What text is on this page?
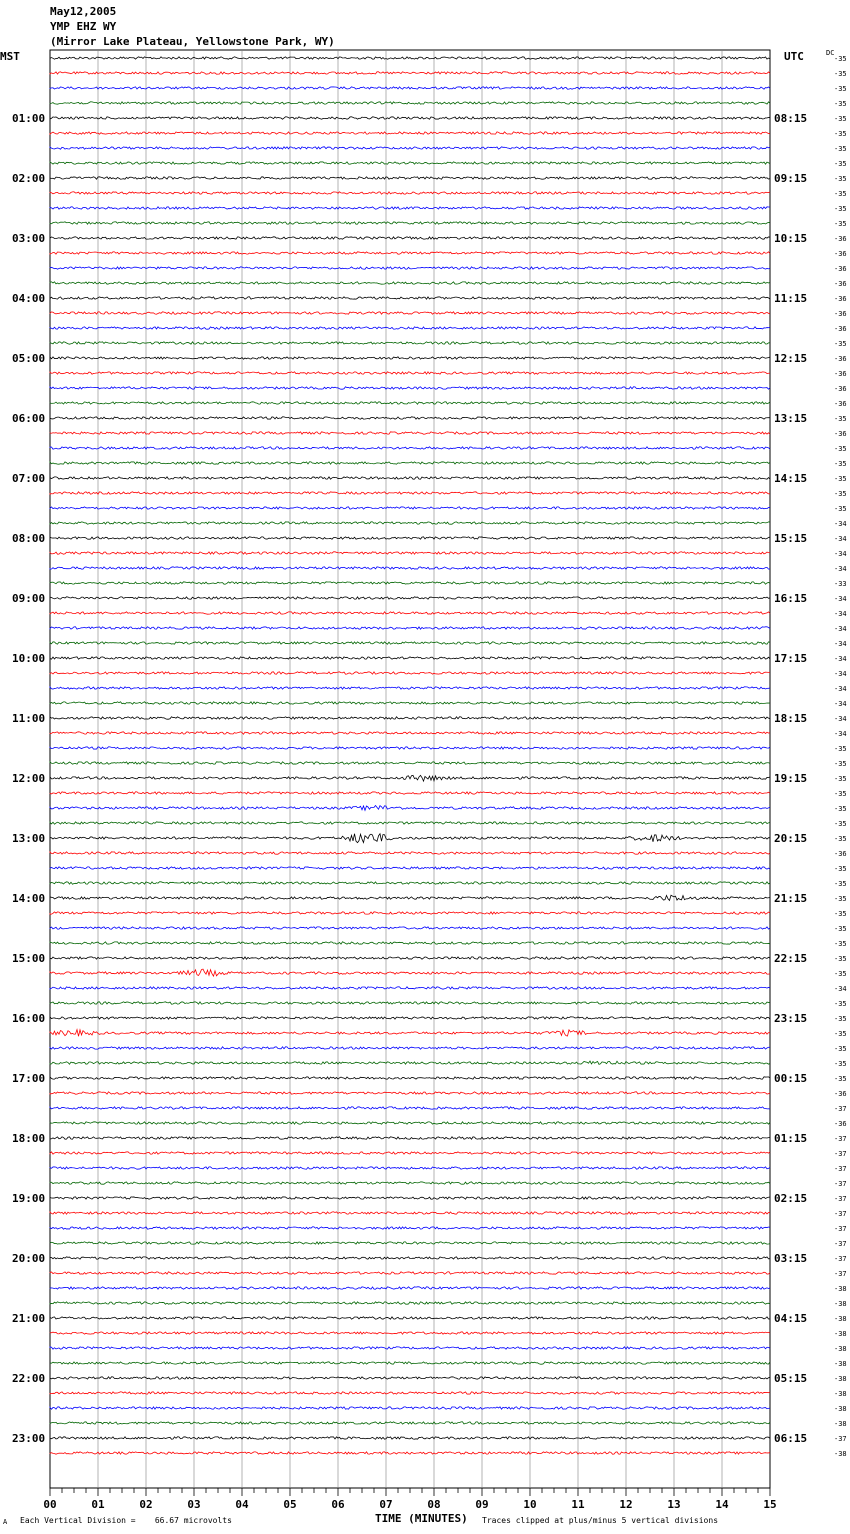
May12,2005
YMP EHZ WY
(Mirror Lake Plateau, Yellowstone Park, WY)
MST	UTC	DC
-35
-35
-35
-35
-35
-35
-35
-35
-35
-35
-35
-35
-36
-36
-36
-36
-36
-36
-36
-35
-36
-36
-36
-36
-35
-36
-35
-35
-35
-35
-35
-34
-34
-34
-34
-33
-34
-34
-34
-34
-34
-34
-34
-34
-34
-34
-35
-35
-35
-35
-35
-35
-35
-36
-35
-35
-35
-35
-35
-35
-35
-35
-34
-35
-35
-35
-35
-35
-35
-36
-37
-36
-37
-37
-37
-37
-37
-37
-37
-37
-37
-37
-38
-38
-38
-38
-38
-38
-38
-38
-38
-38
-37
-38
01:00	08:15
02:00	09:15
03:00	10:15
04:00	11:15
05:00	12:15
06:00	13:15
07:00	14:15
08:00	15:15
09:00	16:15
10:00	17:15
11:00	18:15
12:00	19:15
13:00	20:15
14:00	21:15
15:00	22:15
16:00	23:15
17:00	00:15
18:00	01:15
19:00	02:15
20:00	03:15
21:00	04:15
22:00	05:15
23:00	06:15
00	01	02	03	04	05	06	07	08	09	10	11	12	13	14	15
A Each Vertical Division =    66.67 microvolts	TIME (MINUTES) Traces clipped at plus/minus 5 vertical divisions
